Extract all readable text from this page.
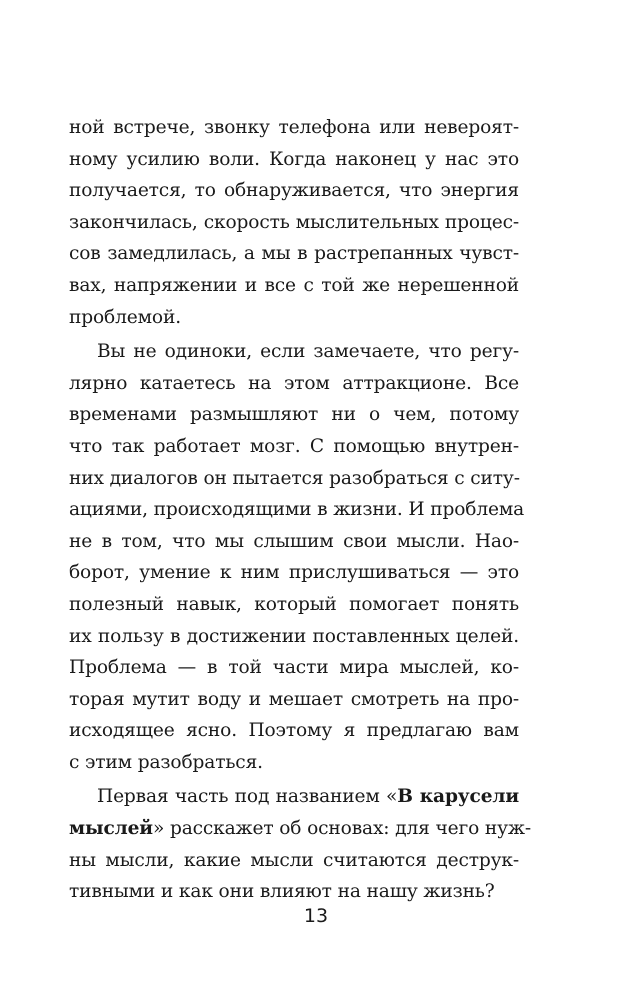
ной встрече, звонку телефона или невероят-
ному усилию воли. Когда наконец у нас это
получается, то обнаруживается, что энергия
закончилась, скорость мыслительных процес-
сов замедлилась, а мы в растрепанных чувст-
вах, напряжении и все с той же нерешенной
проблемой.
Вы не одиноки, если замечаете, что регу-
лярно катаетесь на этом аттракционе. Все
временами размышляют ни о чем, потому
что так работает мозг. С помощью внутрен-
них диалогов он пытается разобраться с ситу-
ациями, происходящими в жизни. И проблема
не в том, что мы слышим свои мысли. Нао-
борот, умение к ним прислушиваться — это
полезный навык, который помогает понять
их пользу в достижении поставленных целей.
Проблема — в той части мира мыслей, ко-
торая мутит воду и мешает смотреть на про-
исходящее ясно. Поэтому я предлагаю вам
с этим разобраться.
Первая часть под названием «В карусели
мыслей» расскажет об основах: для чего нуж-
ны мысли, какие мысли считаются деструк-
тивными и как они влияют на нашу жизнь?
13
